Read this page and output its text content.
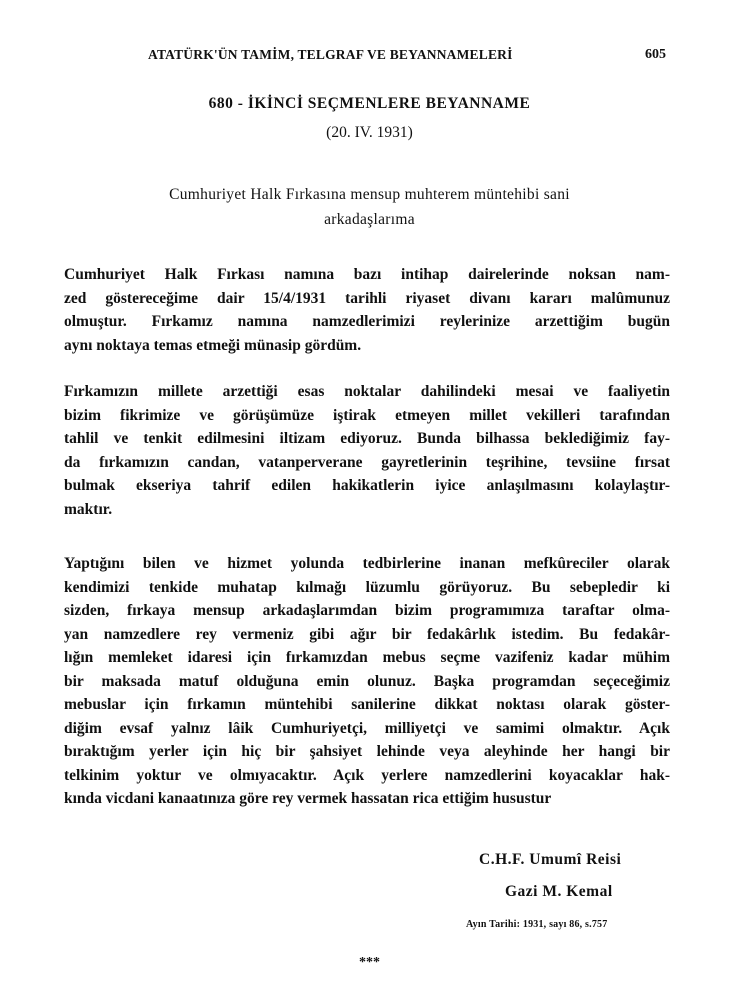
ATATÜRK'ÜN TAMİM, TELGRAF VE BEYANNAMELERİ	605
680 - İKİNCİ SEÇMENLERE BEYANNAME
(20. IV. 1931)
Cumhuriyet Halk Fırkasına mensup muhterem müntehibi sani
arkadaşlarıma
Cumhuriyet Halk Fırkası namına bazı intihap dairelerinde noksan nam-
zed göstereceğime dair 15/4/1931 tarihli riyaset divanı kararı malûmunuz
olmuştur. Fırkamız namına namzedlerimizi reylerinize arzettiğim bugün
aynı noktaya temas etmeği münasip gördüm.
Fırkamızın millete arzettiği esas noktalar dahilindeki mesai ve faaliyetin
bizim fikrimize ve görüşümüze iştirak etmeyen millet vekilleri tarafından
tahlil ve tenkit edilmesini iltizam ediyoruz. Bunda bilhassa beklediğimiz fay-
da fırkamızın candan, vatanperverane gayretlerinin teşrihine, tevsiine fırsat
bulmak ekseriya tahrif edilen hakikatlerin iyice anlaşılmasını kolaylaştır-
maktır.
Yaptığını bilen ve hizmet yolunda tedbirlerine inanan mefkûreciler olarak
kendimizi tenkide muhatap kılmağı lüzumlu görüyoruz. Bu sebepledir ki
sizden, fırkaya mensup arkadaşlarımdan bizim programımıza taraftar olma-
yan namzedlere rey vermeniz gibi ağır bir fedakârlık istedim. Bu fedakâr-
lığın memleket idaresi için fırkamızdan mebus seçme vazifeniz kadar mühim
bir maksada matuf olduğuna emin olunuz. Başka programdan seçeceğimiz
mebuslar için fırkamın müntehibi sanilerine dikkat noktası olarak göster-
diğim evsaf yalnız lâik Cumhuriyetçi, milliyetçi ve samimi olmaktır. Açık
bıraktığım yerler için hiç bir şahsiyet lehinde veya aleyhinde her hangi bir
telkinim yoktur ve olmıyacaktır. Açık yerlere namzedlerini koyacaklar hak-
kında vicdani kanaatınıza göre rey vermek hassatan rica ettiğim husustur
C.H.F. Umumî Reisi
Gazi M. Kemal
Ayın Tarihi: 1931, sayı 86, s.757
***
